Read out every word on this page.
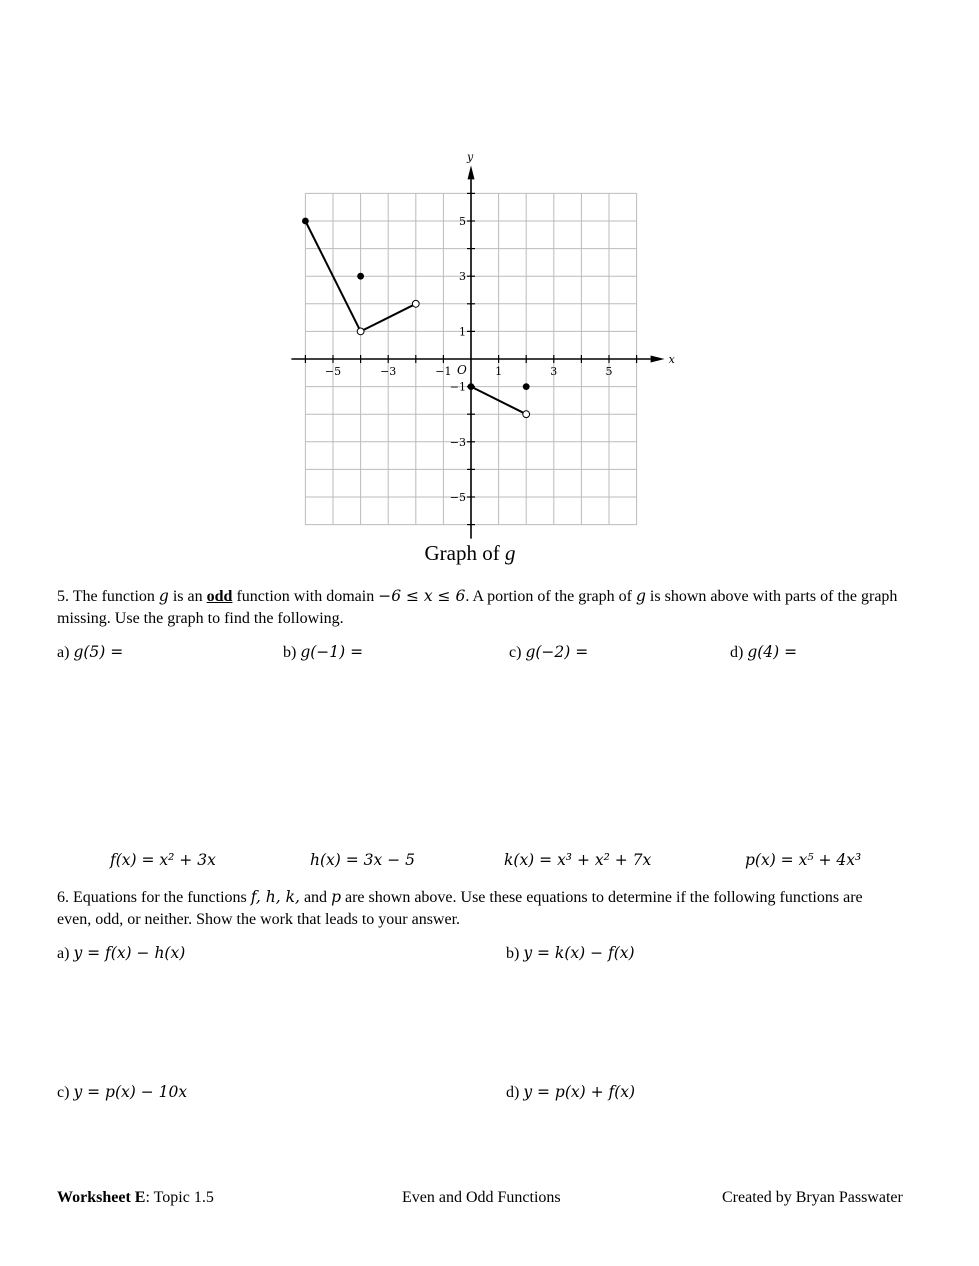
−5	−3	−1	1	3	5
5
3
1
−1
−3
−5
O
x
y
Graph of g
5. The function g is an odd function with domain −6 ≤ x ≤ 6. A portion of the graph of g is shown above with parts of the graph missing. Use the graph to find the following.
a) g(5) =	b) g(−1) =	c) g(−2) =	d) g(4) =
f(x) = x² + 3x	h(x) = 3x − 5	k(x) = x³ + x² + 7x	p(x) = x⁵ + 4x³
6. Equations for the functions f, h, k, and p are shown above. Use these equations to determine if the following functions are even, odd, or neither. Show the work that leads to your answer.
a) y = f(x) − h(x)	b) y = k(x) − f(x)
c) y = p(x) − 10x	d) y = p(x) + f(x)
Worksheet E: Topic 1.5	Even and Odd Functions	Created by Bryan Passwater
